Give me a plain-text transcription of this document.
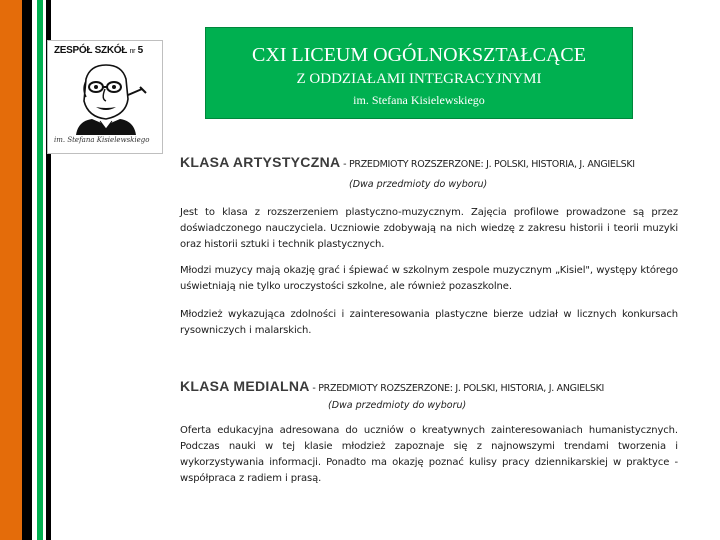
ZESPÓŁ SZKÓŁ nr 5
im. Stefana Kisielewskiego
CXI LICEUM OGÓLNOKSZTAŁCĄCE
Z ODDZIAŁAMI INTEGRACYJNYMI
im. Stefana Kisielewskiego
KLASA ARTYSTYCZNA - PRZEDMIOTY ROZSZERZONE: J. POLSKI, HISTORIA, J. ANGIELSKI
(Dwa przedmioty do wyboru)

Jest to klasa z rozszerzeniem plastyczno-muzycznym. Zajęcia profilowe prowadzone są przez doświadczonego nauczyciela. Uczniowie zdobywają na nich wiedzę z zakresu historii i teorii muzyki oraz historii sztuki i technik plastycznych.

Młodzi muzycy mają okazję grać i śpiewać w szkolnym zespole muzycznym „Kisiel", występy którego uświetniają nie tylko uroczystości szkolne, ale również pozaszkolne.

Młodzież wykazująca zdolności i zainteresowania plastyczne bierze udział w licznych konkursach rysowniczych i malarskich.

KLASA MEDIALNA - PRZEDMIOTY ROZSZERZONE: J. POLSKI, HISTORIA, J. ANGIELSKI
(Dwa przedmioty do wyboru)

Oferta edukacyjna adresowana do uczniów o kreatywnych zainteresowaniach humanistycznych. Podczas nauki w tej klasie młodzież zapoznaje się z najnowszymi trendami tworzenia i wykorzystywania informacji. Ponadto ma okazję poznać kulisy pracy dziennikarskiej w praktyce - współpraca z radiem i prasą.
